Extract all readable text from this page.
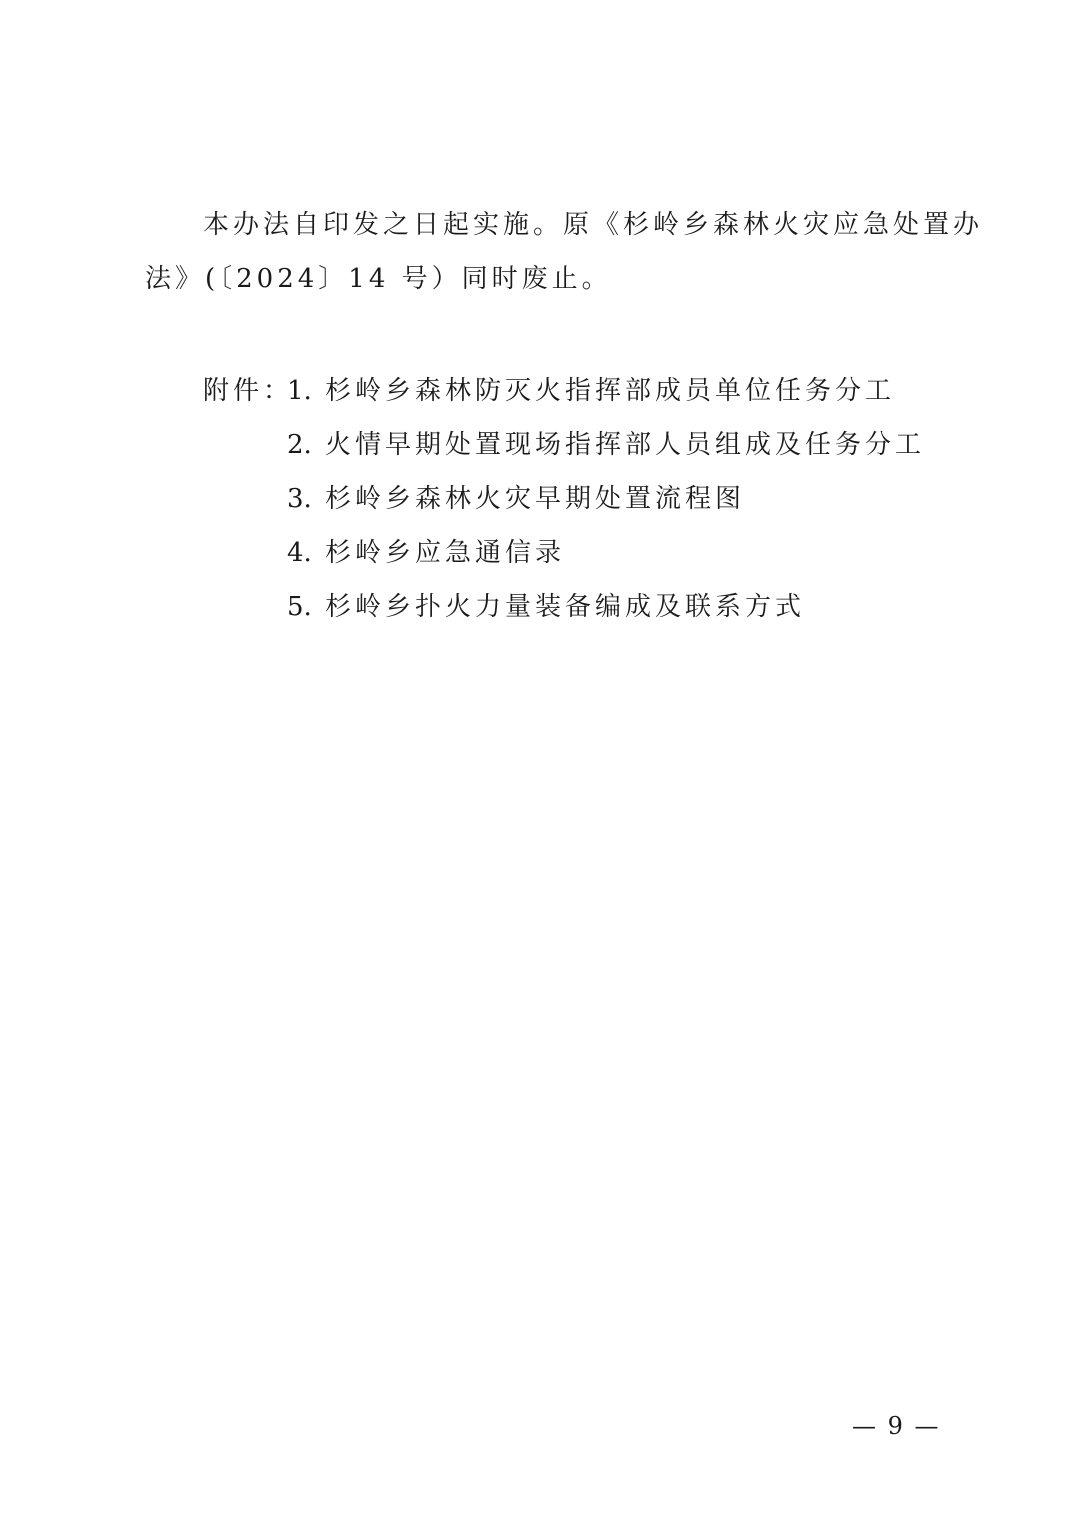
本办法自印发之日起实施。原《杉岭乡森林火灾应急处置办
法》(〔2024〕14 号）同时废止。

附件：
1. 杉岭乡森林防灭火指挥部成员单位任务分工
2. 火情早期处置现场指挥部人员组成及任务分工
3. 杉岭乡森林火灾早期处置流程图
4. 杉岭乡应急通信录
5. 杉岭乡扑火力量装备编成及联系方式
— 9 —
